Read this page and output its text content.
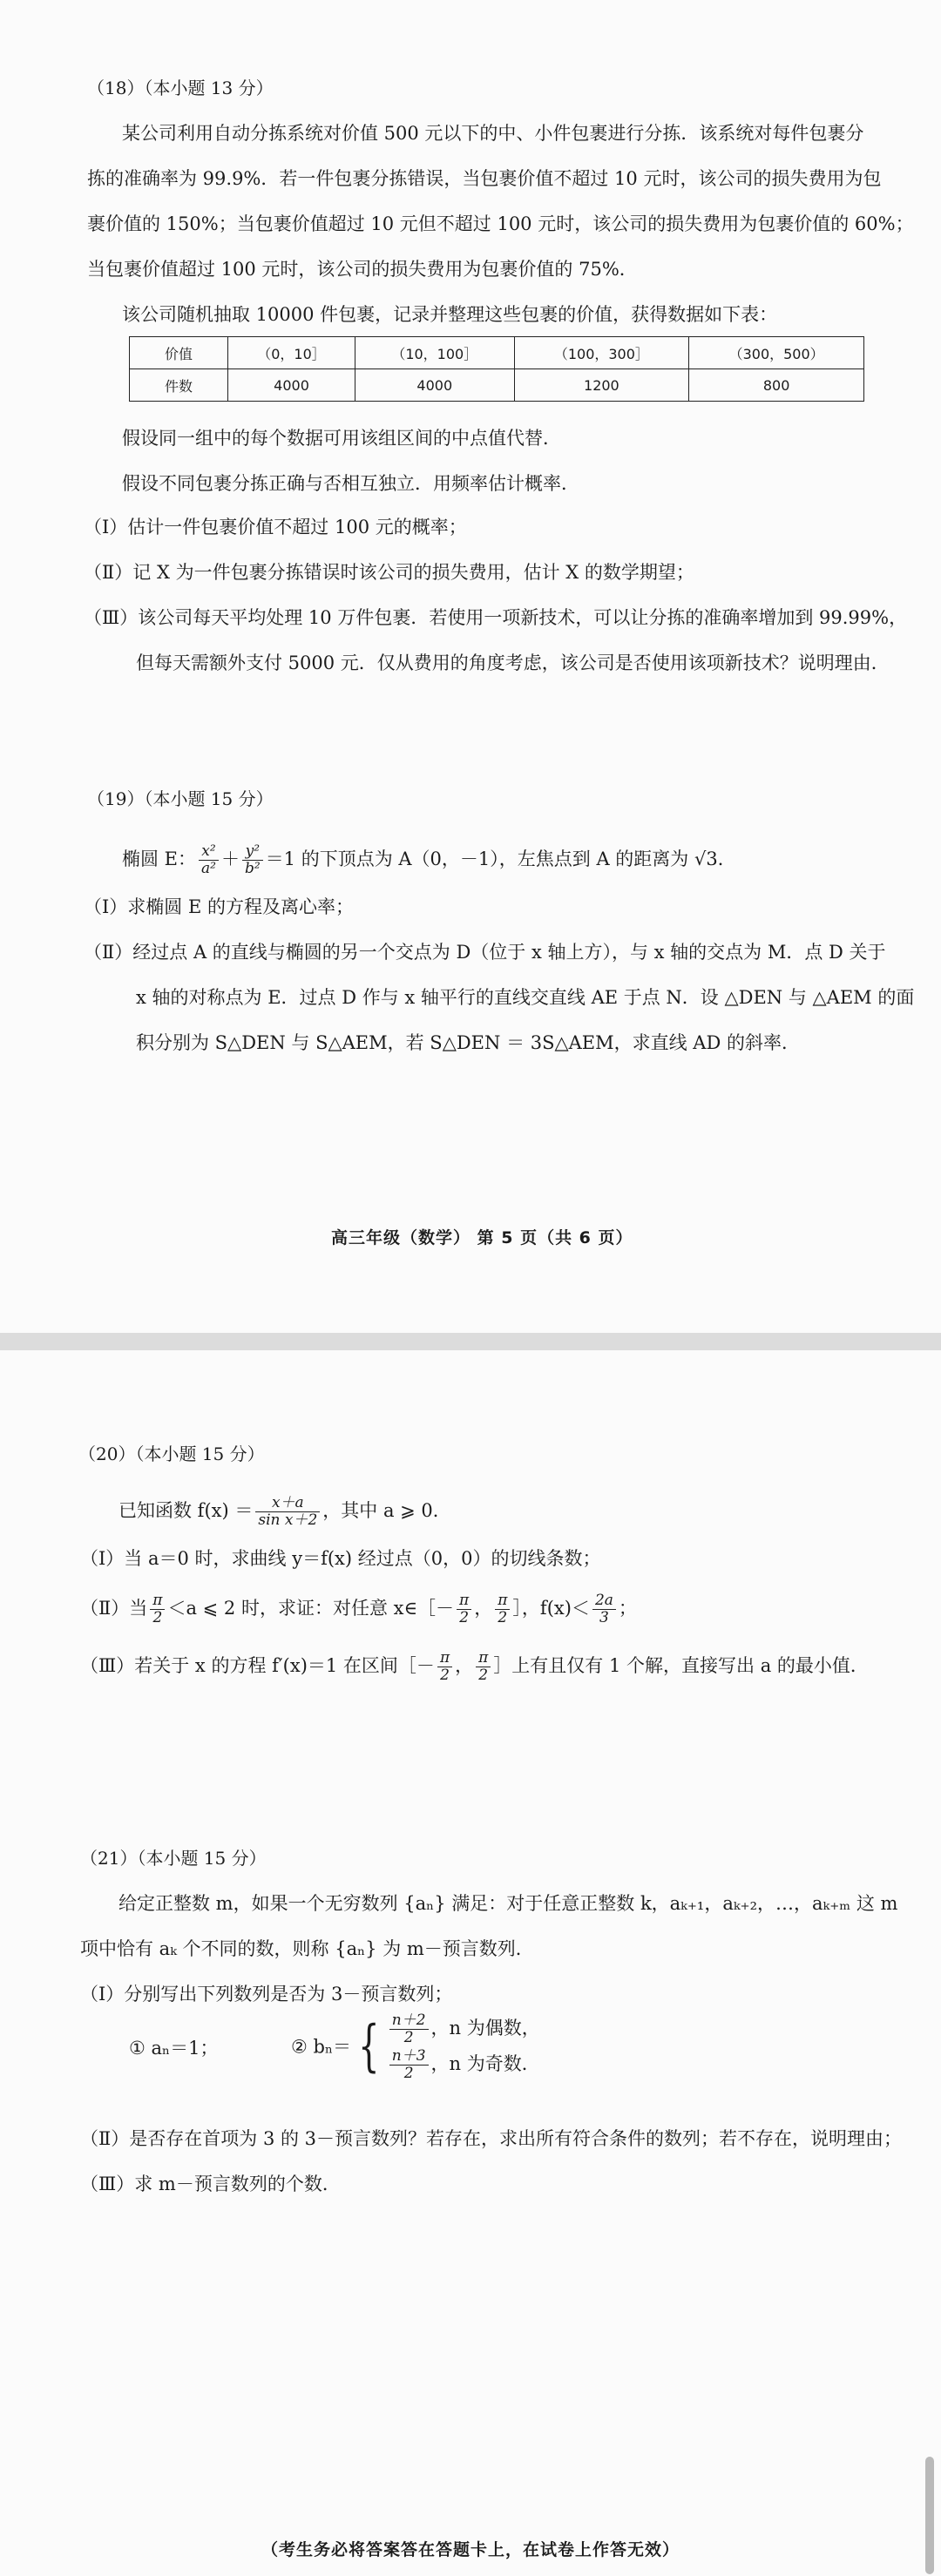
（18）（本小题 13 分）
某公司利用自动分拣系统对价值 500 元以下的中、小件包裹进行分拣．该系统对每件包裹分
拣的准确率为 99.9%．若一件包裹分拣错误，当包裹价值不超过 10 元时，该公司的损失费用为包
裹价值的 150%；当包裹价值超过 10 元但不超过 100 元时，该公司的损失费用为包裹价值的 60%；
当包裹价值超过 100 元时，该公司的损失费用为包裹价值的 75%．
该公司随机抽取 10000 件包裹，记录并整理这些包裹的价值，获得数据如下表：
价值	（0，10］	（10，100］	（100，300］	（300，500）
件数	4000	4000	1200	800
假设同一组中的每个数据可用该组区间的中点值代替．
假设不同包裹分拣正确与否相互独立．用频率估计概率．
（Ⅰ）估计一件包裹价值不超过 100 元的概率；
（Ⅱ）记 X 为一件包裹分拣错误时该公司的损失费用，估计 X 的数学期望；
（Ⅲ）该公司每天平均处理 10 万件包裹．若使用一项新技术，可以让分拣的准确率增加到 99.99%，
但每天需额外支付 5000 元．仅从费用的角度考虑，该公司是否使用该项新技术？说明理由．
（19）（本小题 15 分）
椭圆 E： $\frac{\text{x²}}{\text{a²}} + \frac{\text{y²}}{\text{b²}} =1$ 的下顶点为 A（0，－1），左焦点到 A 的距离为 √3．
（Ⅰ）求椭圆 E 的方程及离心率；
（Ⅱ）经过点 A 的直线与椭圆的另一个交点为 D（位于 x 轴上方），与 x 轴的交点为 M．点 D 关于
x 轴的对称点为 E．过点 D 作与 x 轴平行的直线交直线 AE 于点 N．设 △DEN 与 △AEM 的面
积分别为 S△DEN 与 S△AEM，若 S△DEN ＝ 3S△AEM，求直线 AD 的斜率．
高三年级（数学） 第 5 页（共 6 页）
（20）（本小题 15 分）
已知函数 $f(x) = \frac{x+a}{\text{sin x＋2}}$ ，其中 a ⩾ 0．
（Ⅰ）当 a＝0 时，求曲线 y＝f(x) 经过点（0，0）的切线条数；
（Ⅱ）当 $\frac{\pi}{2} <a$ ⩽ 2 时，求证：对任意 x∈［－ $\frac{\pi}{2}$ ， $\frac{\pi}{2}$ ］，$f(x)< \frac{2a}{3}$ ；
（Ⅲ）若关于 x 的方程 f′(x)＝1 在区间［－ $\frac{\pi}{2}$ ， $\frac{\pi}{2}$ ］上有且仅有 1 个解，直接写出 a 的最小值．
（21）（本小题 15 分）
给定正整数 m，如果一个无穷数列 {aₙ} 满足：对于任意正整数 k，aₖ₊₁，aₖ₊₂，…，aₖ₊ₘ 这 m
项中恰有 aₖ 个不同的数，则称 {aₙ} 为 m－预言数列．
（Ⅰ）分别写出下列数列是否为 3－预言数列；
① aₙ＝1；	② bₙ＝ { $\frac{n+2}{2}$ ，n 为偶数，
$\frac{n+3}{2}$ ，n 为奇数．
（Ⅱ）是否存在首项为 3 的 3－预言数列？若存在，求出所有符合条件的数列；若不存在，说明理由；
（Ⅲ）求 m－预言数列的个数．
（考生务必将答案答在答题卡上，在试卷上作答无效）
